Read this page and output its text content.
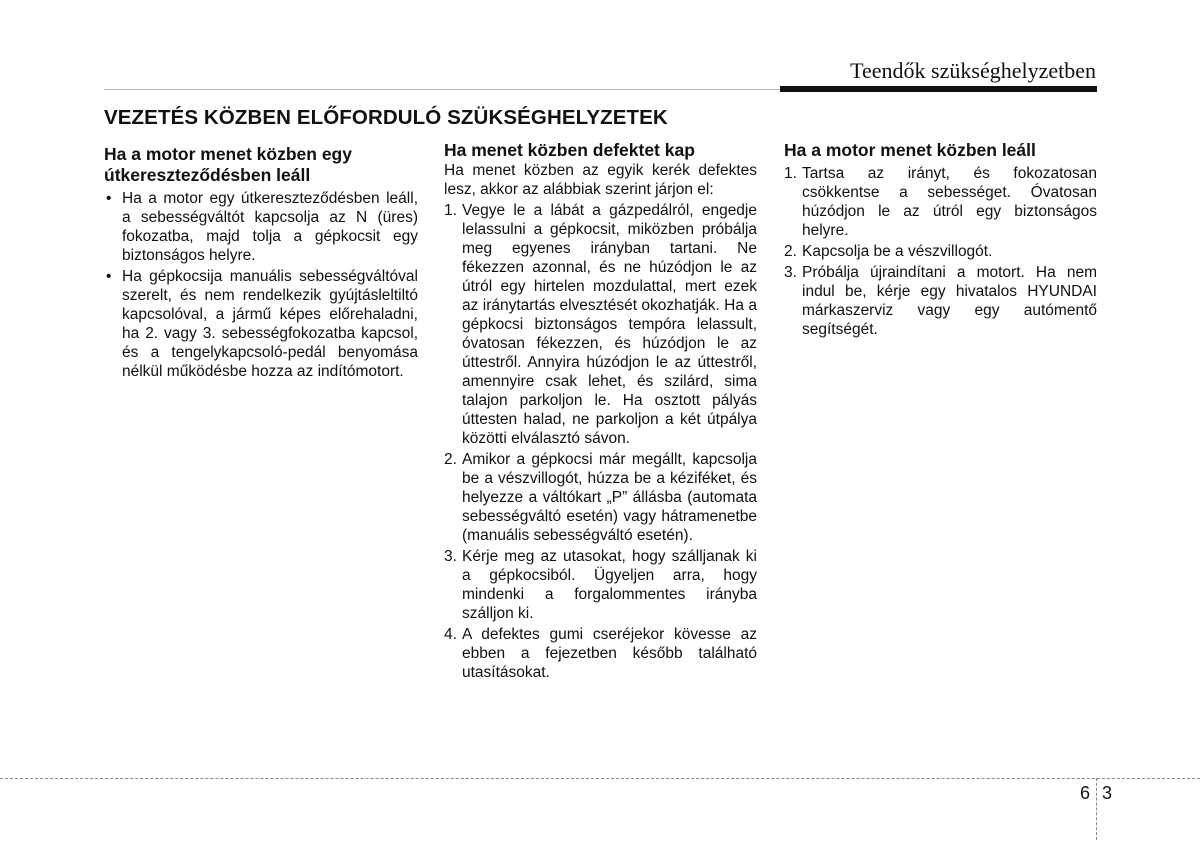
Teendők szükséghelyzetben
VEZETÉS KÖZBEN ELŐFORDULÓ SZÜKSÉGHELYZETEK
Ha a motor menet közben egy útkereszteződésben leáll
• Ha a motor egy útkereszteződésben leáll, a sebességváltót kapcsolja az N (üres) fokozatba, majd tolja a gépkocsit egy biztonságos helyre.
• Ha gépkocsija manuális sebességváltóval szerelt, és nem rendelkezik gyújtásleltiltó kapcsolóval, a jármű képes előrehaladni, ha 2. vagy 3. sebességfokozatba kapcsol, és a tengelykapcsoló-pedál benyomása nélkül működésbe hozza az indítómotort.
Ha menet közben defektet kap

Ha menet közben az egyik kerék defektes lesz, akkor az alábbiak szerint járjon el:

1. Vegye le a lábát a gázpedálról, engedje lelassulni a gépkocsit, miközben próbálja meg egyenes irányban tartani. Ne fékezzen azonnal, és ne húzódjon le az útról egy hirtelen mozdulattal, mert ezek az iránytartás elvesztését okozhatják. Ha a gépkocsi biztonságos tempóra lelassult, óvatosan fékezzen, és húzódjon le az úttestről. Annyira húzódjon le az úttestről, amennyire csak lehet, és szilárd, sima talajon parkoljon le. Ha osztott pályás úttesten halad, ne parkoljon a két útpálya közötti elválasztó sávon.
2. Amikor a gépkocsi már megállt, kapcsolja be a vészvillogót, húzza be a kéziféket, és helyezze a váltókart „P” állásba (automata sebességváltó esetén) vagy hátramenetbe (manuális sebességváltó esetén).
3. Kérje meg az utasokat, hogy szálljanak ki a gépkocsiból. Ügyeljen arra, hogy mindenki a forgalommentes irányba szálljon ki.
4. A defektes gumi cseréjekor kövesse az ebben a fejezetben később található utasításokat.
Ha a motor menet közben leáll
1. Tartsa az irányt, és fokozatosan csökkentse a sebességet. Óvatosan húzódjon le az útról egy biztonságos helyre.
2. Kapcsolja be a vészvillogót.
3. Próbálja újraindítani a motort. Ha nem indul be, kérje egy hivatalos HYUNDAI márkaszerviz vagy egy autómentő segítségét.
6 3
